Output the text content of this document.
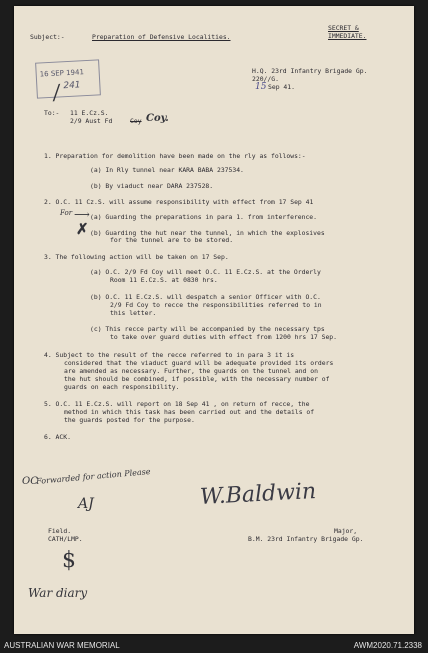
Subject:-	Preparation of Defensive Localities.
SECRET &
IMMEDIATE.
16 SEP 1941
241
/
H.Q. 23rd Infantry Brigade Gp.
220//G.
15 Sep 41.
To:- 11 E.Cz.S.
2/9 Aust Fd	Coy Coy.
1. Preparation for demolition have been made on the rly as follows:-
(a) In Rly tunnel near KARA BABA 237534.
(b) By viaduct near DARA 237528.
2. O.C. 11 Cz.S. will assume responsibility with effect from 17 Sep 41
For ⟶ (a) Guarding the preparations in para 1. from interference.
✗ (b) Guarding the hut near the tunnel, in which the explosives
for the tunnel are to be stored.
3. The following action will be taken on 17 Sep.
(a) O.C. 2/9 Fd Coy will meet O.C. 11 E.Cz.S. at the Orderly
Room 11 E.Cz.S. at 0830 hrs.
(b) O.C. 11 E.Cz.S. will despatch a senior Officer with O.C.
2/9 Fd Coy to recce the responsibilities referred to in
this letter.
(c) This recce party will be accompanied by the necessary tps
to take over guard duties with effect from 1200 hrs 17 Sep.
4. Subject to the result of the recce referred to in para 3 it is
considered that the viaduct guard will be adequate provided its orders
are amended as necessary. Further, the guards on the tunnel and on
the hut should be combined, if possible, with the necessary number of
guards on each responsibility.
5. O.C. 11 E.Cz.S. will report on 18 Sep 41 , on return of recce, the
method in which this task has been carried out and the details of
the guards posted for the purpose.
6. ACK.
OC
Forwarded for action Please
AJ	W.Baldwin
Field.
CATH/LMP.
Major,
B.M. 23rd Infantry Brigade Gp.
$
War diary
AUSTRALIAN WAR MEMORIAL	AWM2020.71.2338
